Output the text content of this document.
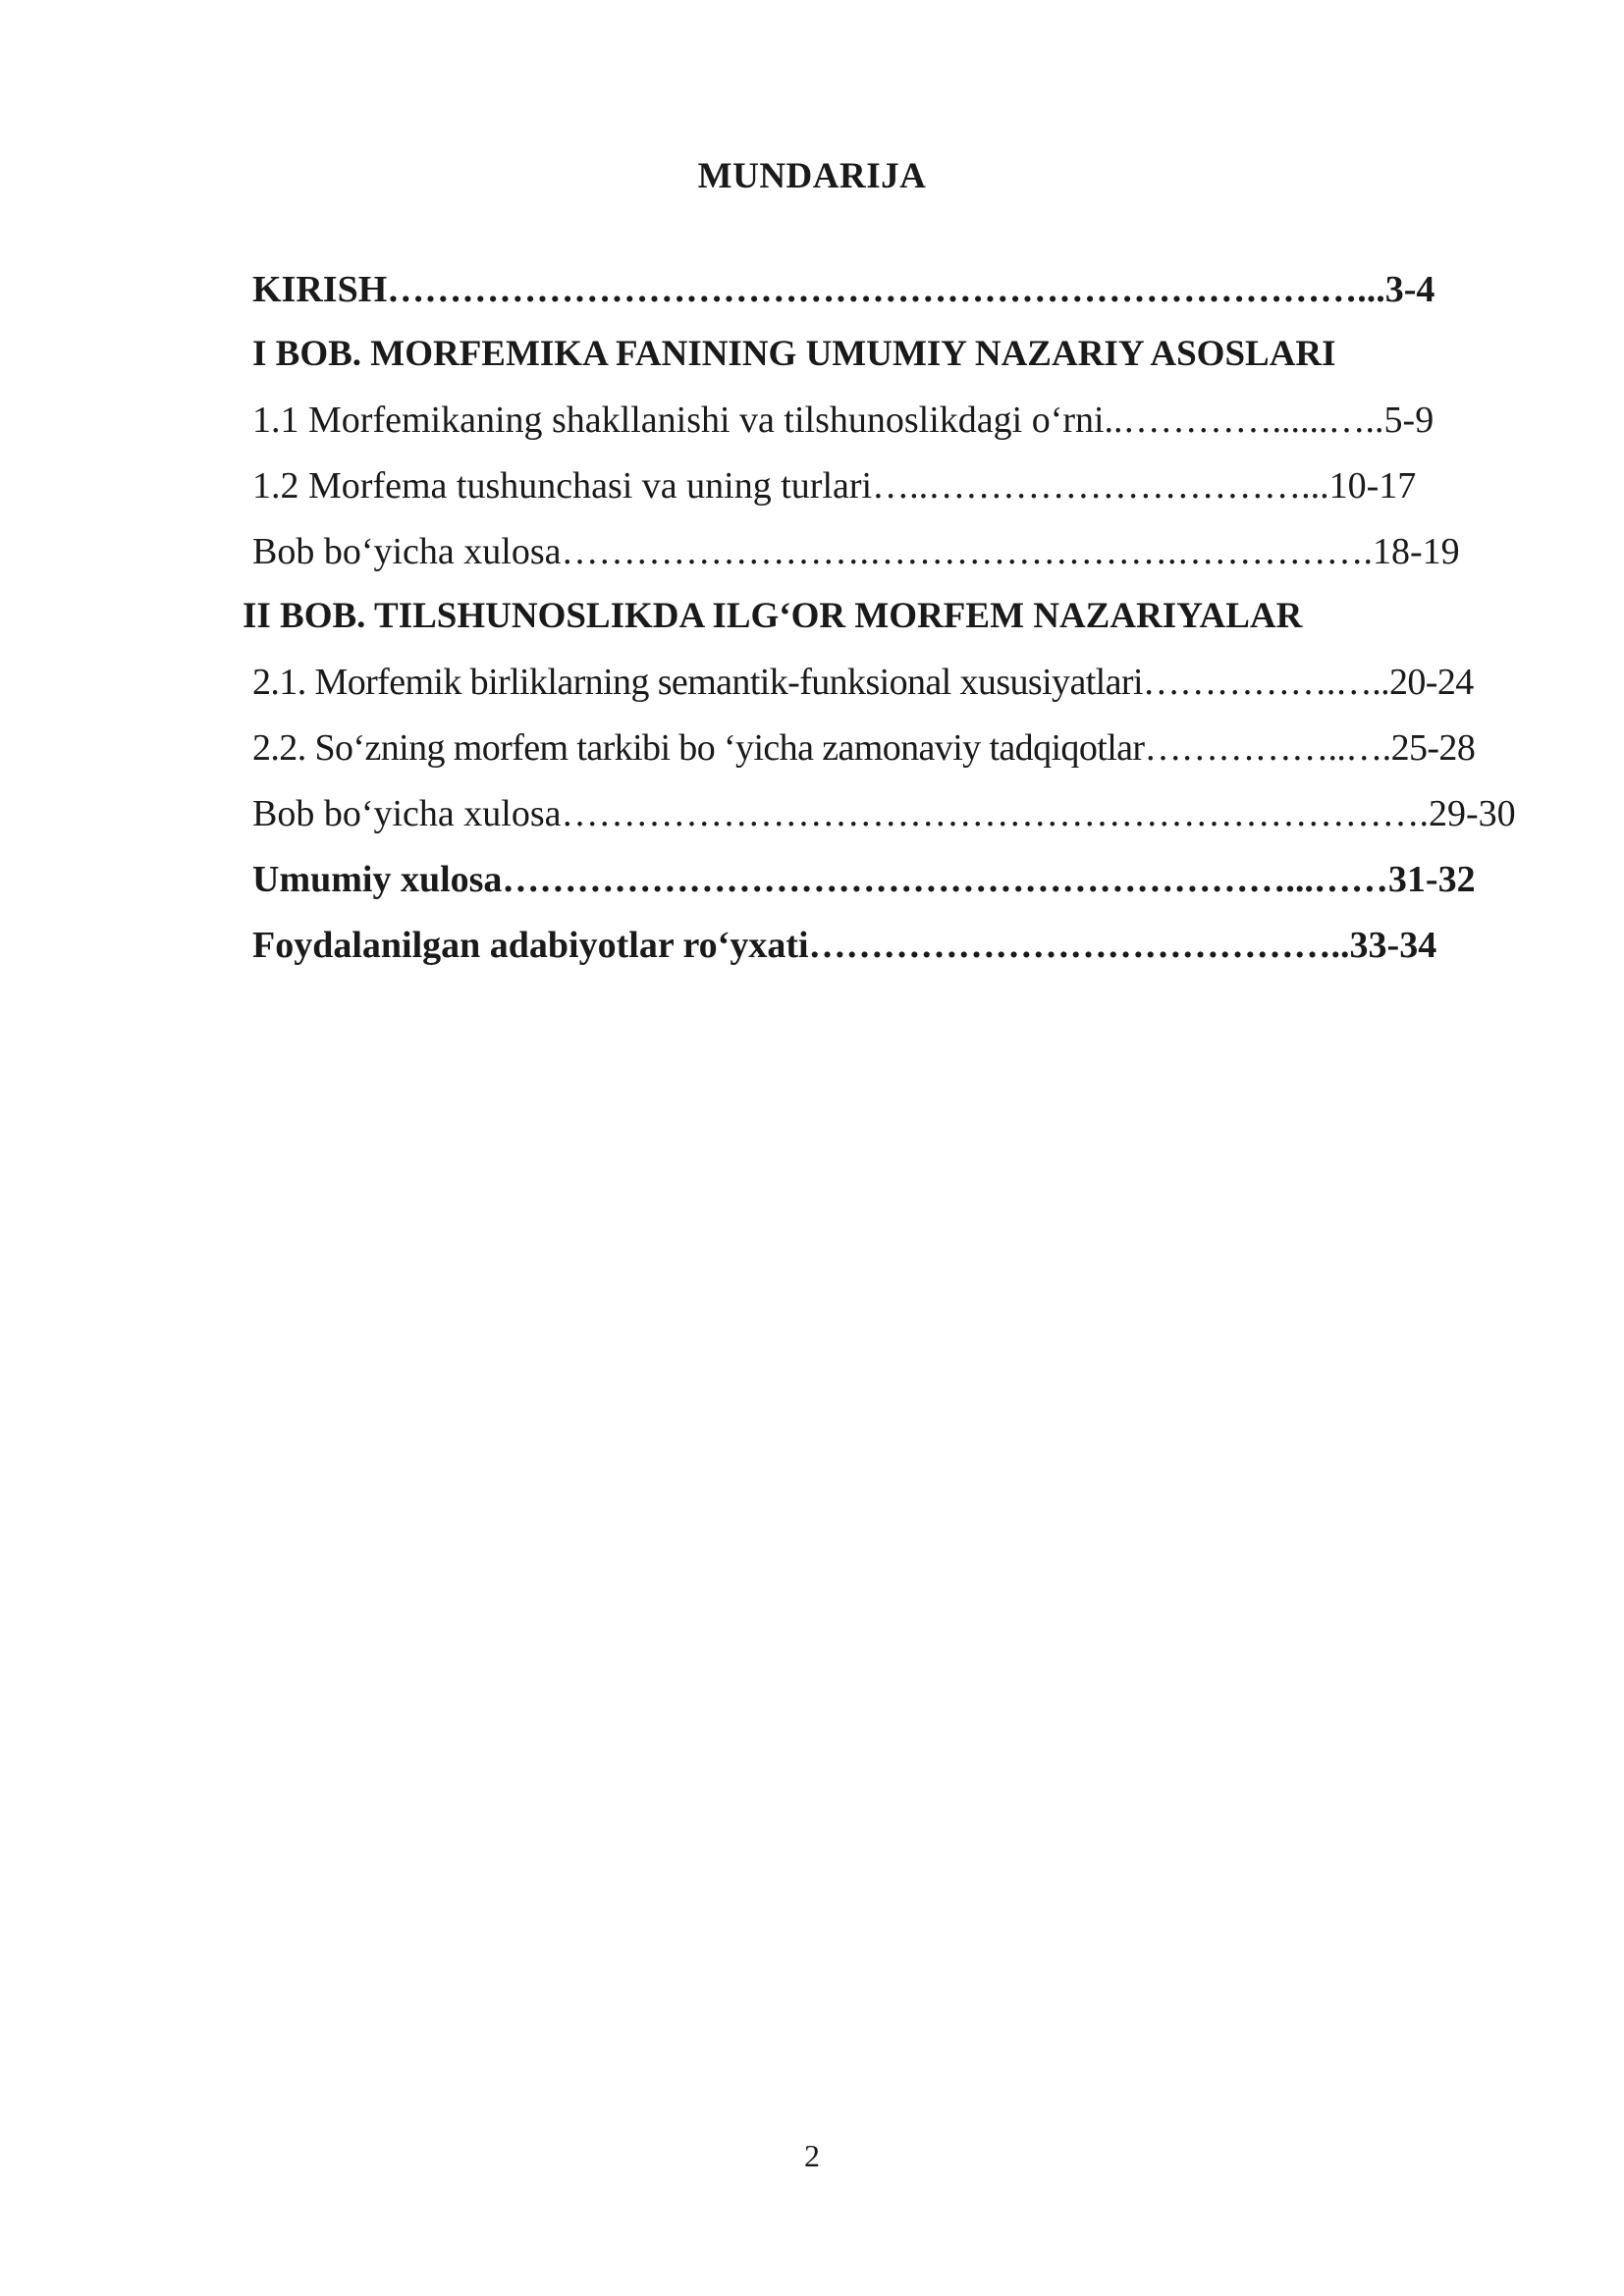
MUNDARIJA
KIRISH……………………………………………………………………...3-4
I BOB. MORFEMIKA FANINING UMUMIY NAZARIY ASOSLARI
1.1 Morfemikaning shakllanishi va tilshunoslikdagi o‘rni..…………......…..5-9
1.2 Morfema tushunchasi va uning turlari…..…………………………...10-17
Bob bo‘yicha xulosa…………………….…………………….…………….18-19
II BOB. TILSHUNOSLIKDA ILG‘OR MORFEM NAZARIYALAR
2.1. Morfemik birliklarning semantik-funksional xususiyatlari…………….…..20-24
2.2. So‘zning morfem tarkibi bo ‘yicha zamonaviy tadqiqotlar……………..….25-28
Bob bo‘yicha xulosa…………………………………………………………….29-30
Umumiy xulosa………………………………………………………...……31-32
Foydalanilgan adabiyotlar ro‘yxati……………………………………..33-34
2
